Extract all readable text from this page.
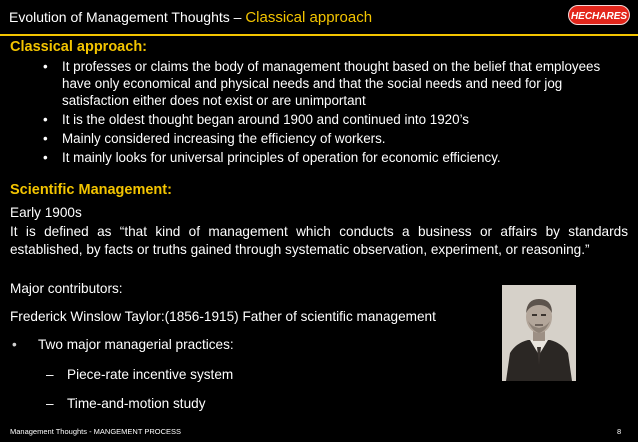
Evolution of Management Thoughts – Classical approach	HECHARES

Classical approach:

• It professes or claims the body of management thought based on the belief that employees have only economical and physical needs and that the social needs and need for jog satisfaction either does not exist or are unimportant
• It is the oldest thought began around 1900 and continued into 1920’s
• Mainly considered increasing the efficiency of workers.
• It mainly looks for universal principles of operation for economic efficiency.

Scientific Management:

Early 1900s
It is defined as “that kind of management which conducts a business or affairs by standards established, by facts or truths gained through systematic observation, experiment, or reasoning.”
Major contributors:
Frederick Winslow Taylor:(1856-1915) Father of scientific management
• Two major managerial practices:
– Piece-rate incentive system
– Time-and-motion study
Management Thoughts - MANGEMENT PROCESS	8
